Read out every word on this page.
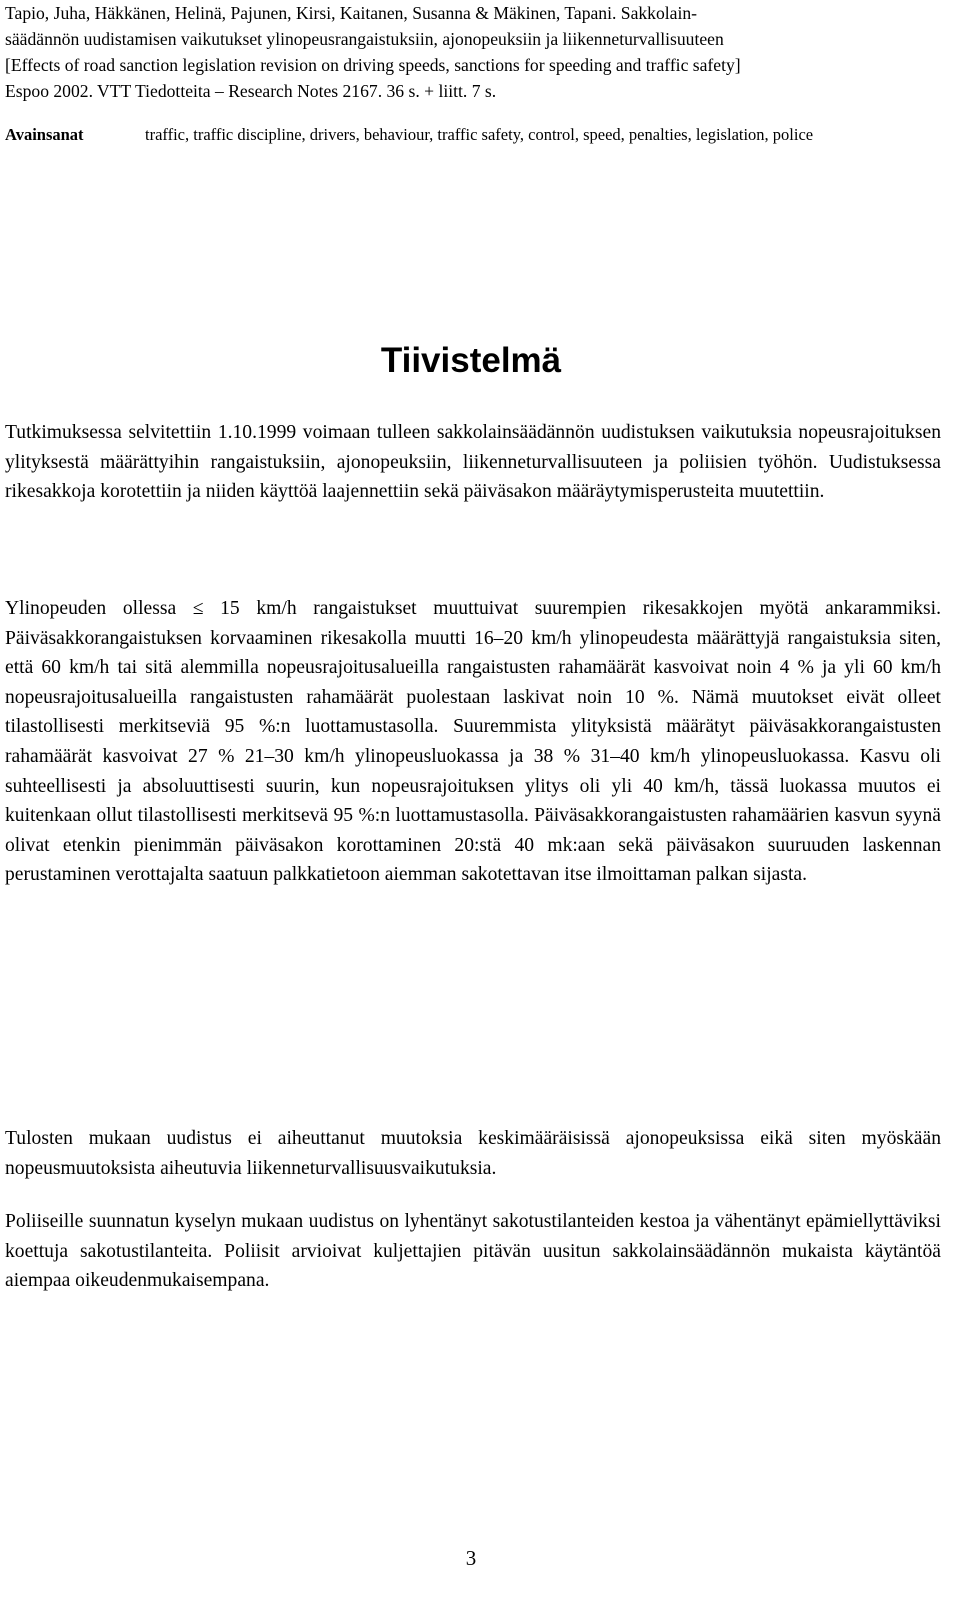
Tapio, Juha, Häkkänen, Helinä, Pajunen, Kirsi, Kaitanen, Susanna & Mäkinen, Tapani. Sakkolain-
säädännön uudistamisen vaikutukset ylinopeusrangaistuksiin, ajonopeuksiin ja liikenneturvallisuuteen
[Effects of road sanction legislation revision on driving speeds, sanctions for speeding and traffic safety]
Espoo 2002. VTT Tiedotteita – Research Notes 2167. 36 s. + liitt. 7 s.
Avainsanat	traffic, traffic discipline, drivers, behaviour, traffic safety, control, speed, penalties, legislation, police
Tiivistelmä

Tutkimuksessa selvitettiin 1.10.1999 voimaan tulleen sakkolainsäädännön uudistuksen vaikutuksia nopeusrajoituksen ylityksestä määrättyihin rangaistuksiin, ajonopeuksiin, liikenneturvallisuuteen ja poliisien työhön. Uudistuksessa rikesakkoja korotettiin ja niiden käyttöä laajennettiin sekä päiväsakon määräytymisperusteita muutettiin.

Ylinopeuden ollessa ≤ 15 km/h rangaistukset muuttuivat suurempien rikesakkojen myötä ankarammiksi. Päiväsakkorangaistuksen korvaaminen rikesakolla muutti 16–20 km/h ylinopeudesta määrättyjä rangaistuksia siten, että 60 km/h tai sitä alemmilla nopeusrajoitusalueilla rangaistusten rahamäärät kasvoivat noin 4 % ja yli 60 km/h nopeusrajoitusalueilla rangaistusten rahamäärät puolestaan laskivat noin 10 %. Nämä muutokset eivät olleet tilastollisesti merkitseviä 95 %:n luottamustasolla. Suuremmista ylityksistä määrätyt päiväsakkorangaistusten rahamäärät kasvoivat 27 % 21–30 km/h ylinopeusluokassa ja 38 % 31–40 km/h ylinopeusluokassa. Kasvu oli suhteellisesti ja absoluuttisesti suurin, kun nopeusrajoituksen ylitys oli yli 40 km/h, tässä luokassa muutos ei kuitenkaan ollut tilastollisesti merkitsevä 95 %:n luottamustasolla. Päiväsakkorangaistusten rahamäärien kasvun syynä olivat etenkin pienimmän päiväsakon korottaminen 20:stä 40 mk:aan sekä päiväsakon suuruuden laskennan perustaminen verottajalta saatuun palkkatietoon aiemman sakotettavan itse ilmoittaman palkan sijasta.

Tulosten mukaan uudistus ei aiheuttanut muutoksia keskimääräisissä ajonopeuksissa eikä siten myöskään nopeusmuutoksista aiheutuvia liikenneturvallisuusvaikutuksia.

Poliiseille suunnatun kyselyn mukaan uudistus on lyhentänyt sakotustilanteiden kestoa ja vähentänyt epämiellyttäviksi koettuja sakotustilanteita. Poliisit arvioivat kuljettajien pitävän uusitun sakkolainsäädännön mukaista käytäntöä aiempaa oikeudenmukaisempana.

3
